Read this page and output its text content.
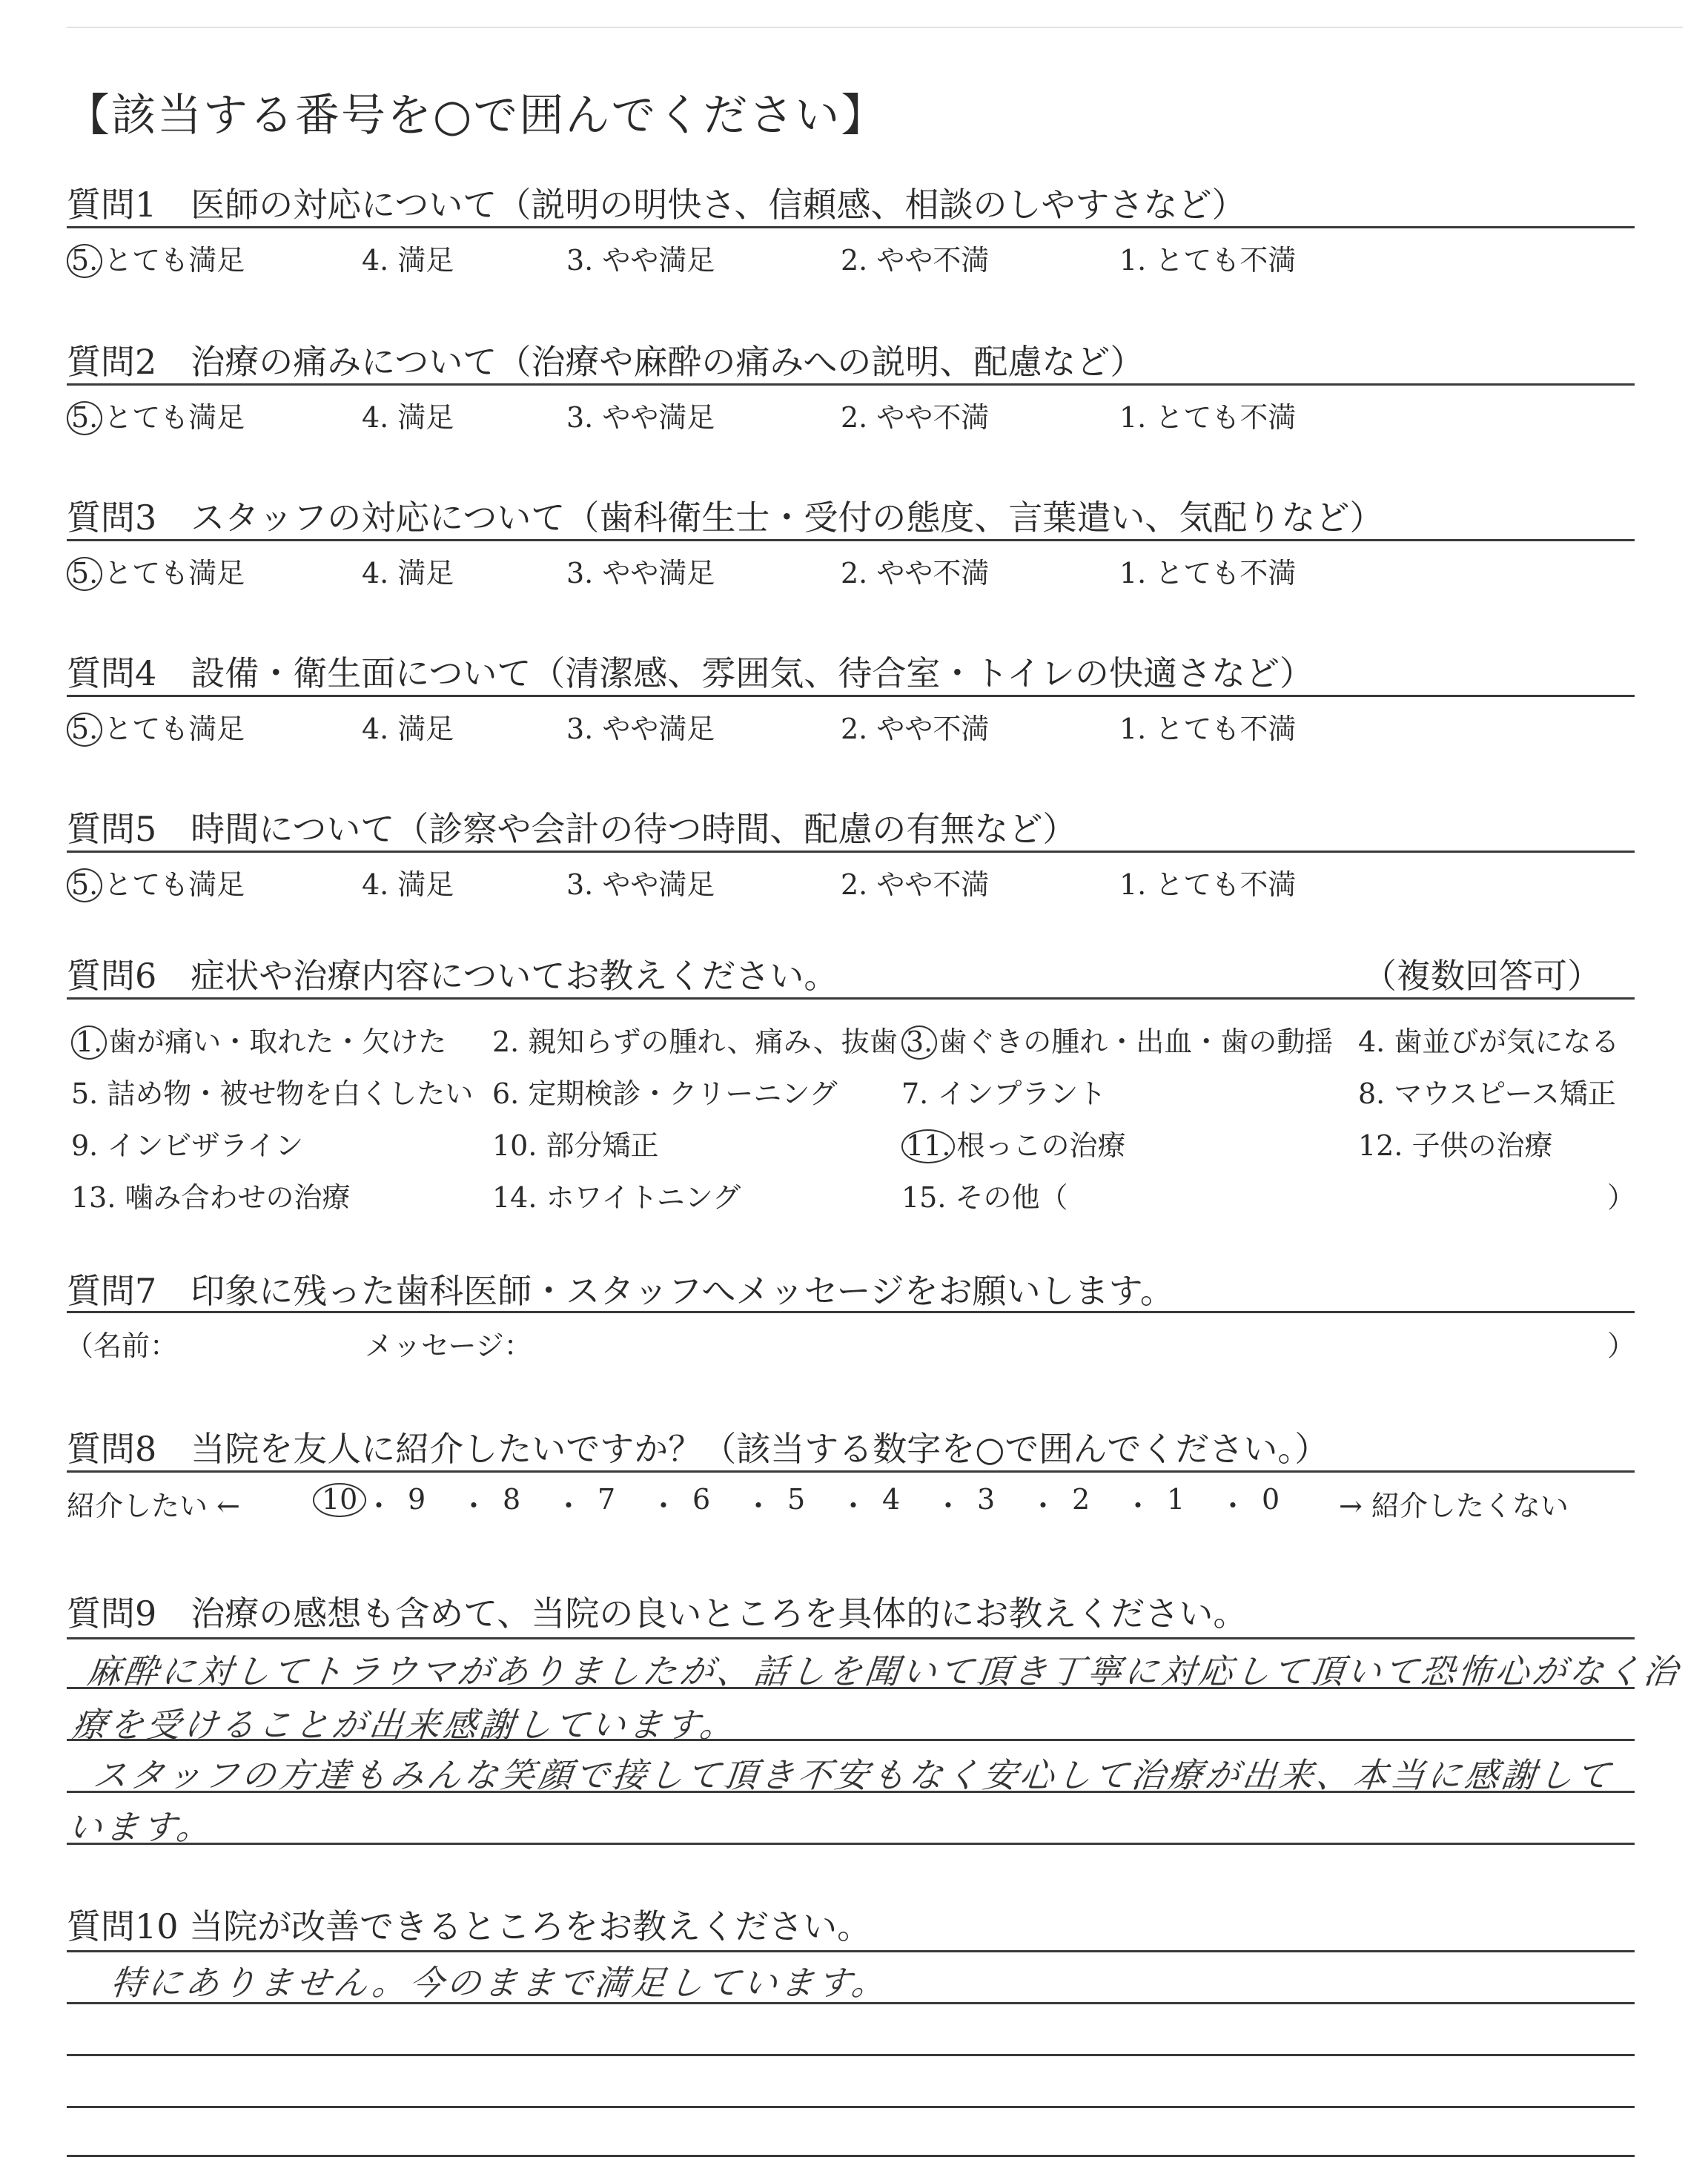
【該当する番号を○で囲んでください】
質問1　医師の対応について（説明の明快さ、信頼感、相談のしやすさなど）
5. とても満足	4. 満足	3. やや満足	2. やや不満	1. とても不満
質問2　治療の痛みについて（治療や麻酔の痛みへの説明、配慮など）
5. とても満足	4. 満足	3. やや満足	2. やや不満	1. とても不満
質問3　スタッフの対応について（歯科衛生士・受付の態度、言葉遣い、気配りなど）
5. とても満足	4. 満足	3. やや満足	2. やや不満	1. とても不満
質問4　設備・衛生面について（清潔感、雰囲気、待合室・トイレの快適さなど）
5. とても満足	4. 満足	3. やや満足	2. やや不満	1. とても不満
質問5　時間について（診察や会計の待つ時間、配慮の有無など）
5. とても満足	4. 満足	3. やや満足	2. やや不満	1. とても不満
質問6　症状や治療内容についてお教えください。	（複数回答可）
1. 歯が痛い・取れた・欠けた 2. 親知らずの腫れ、痛み、抜歯 3. 歯ぐきの腫れ・出血・歯の動揺 4. 歯並びが気になる
5. 詰め物・被せ物を白くしたい 6. 定期検診・クリーニング 7. インプラント	8. マウスピース矯正
9. インビザライン	10. 部分矯正	11. 根っこの治療	12. 子供の治療
13. 噛み合わせの治療	14. ホワイトニング	15. その他（	）
質問7　印象に残った歯科医師・スタッフへメッセージをお願いします。
（名前：	メッセージ：	）
質問8　当院を友人に紹介したいですか？（該当する数字を○で囲んでください。）
紹介したい ←	→ 紹介したくない
10 ・ 9 ・ 8 ・ 7 ・ 6 ・ 5 ・ 4 ・ 3 ・ 2 ・ 1 ・ 0
質問9　治療の感想も含めて、当院の良いところを具体的にお教えください。
麻酔に対してトラウマがありましたが、話しを聞いて頂き丁寧に対応して頂いて恐怖心がなく治
療を受けることが出来感謝しています。
スタッフの方達もみんな笑顔で接して頂き不安もなく安心して治療が出来、本当に感謝して
います。
質問10 当院が改善できるところをお教えください。
特にありません。今のままで満足しています。
